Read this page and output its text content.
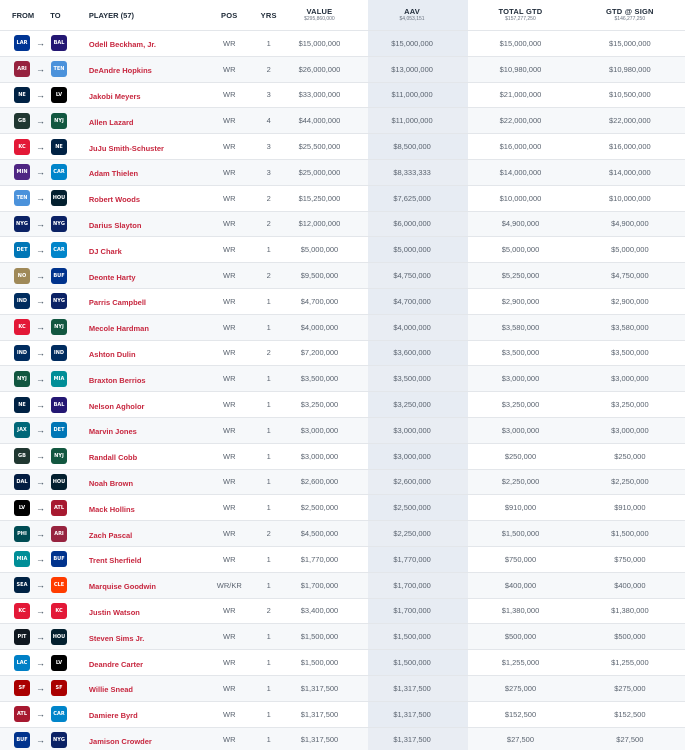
FROM TO	PLAYER (57)	POS	YRS	VALUE
$295,860,000
AAV
$4,053,151
TOTAL GTD
$157,277,250
GTD @ SIGN
$146,277,250
LAR →	BAL	Odell Beckham, Jr.	WR	1	$15,000,000	$15,000,000	$15,000,000	$15,000,000
ARI	→	TEN	DeAndre Hopkins	WR	2	$26,000,000	$13,000,000	$10,980,000	$10,980,000
NE	→	LV	Jakobi Meyers	WR	3	$33,000,000	$11,000,000	$21,000,000	$10,500,000
GB	→	NYJ	Allen Lazard	WR	4	$44,000,000	$11,000,000	$22,000,000	$22,000,000
KC	→	NE	JuJu Smith-Schuster	WR	3	$25,500,000	$8,500,000	$16,000,000	$16,000,000
MIN →	CAR	Adam Thielen	WR	3	$25,000,000	$8,333,333	$14,000,000	$14,000,000
TEN →	HOU	Robert Woods	WR	2	$15,250,000	$7,625,000	$10,000,000	$10,000,000
NYG →	NYG	Darius Slayton	WR	2	$12,000,000	$6,000,000	$4,900,000	$4,900,000
DET →	CAR	DJ Chark	WR	1	$5,000,000	$5,000,000	$5,000,000	$5,000,000
NO	→	BUF	Deonte Harty	WR	2	$9,500,000	$4,750,000	$5,250,000	$4,750,000
IND →	NYG	Parris Campbell	WR	1	$4,700,000	$4,700,000	$2,900,000	$2,900,000
KC	→	NYJ	Mecole Hardman	WR	1	$4,000,000	$4,000,000	$3,580,000	$3,580,000
IND →	IND	Ashton Dulin	WR	2	$7,200,000	$3,600,000	$3,500,000	$3,500,000
NYJ	→	MIA	Braxton Berrios	WR	1	$3,500,000	$3,500,000	$3,000,000	$3,000,000
NE	→	BAL	Nelson Agholor	WR	1	$3,250,000	$3,250,000	$3,250,000	$3,250,000
JAX	→	DET	Marvin Jones	WR	1	$3,000,000	$3,000,000	$3,000,000	$3,000,000
GB	→	NYJ	Randall Cobb	WR	1	$3,000,000	$3,000,000	$250,000	$250,000
DAL →	HOU	Noah Brown	WR	1	$2,600,000	$2,600,000	$2,250,000	$2,250,000
LV	→	ATL	Mack Hollins	WR	1	$2,500,000	$2,500,000	$910,000	$910,000
PHI	→	ARI	Zach Pascal	WR	2	$4,500,000	$2,250,000	$1,500,000	$1,500,000
MIA →	BUF	Trent Sherfield	WR	1	$1,770,000	$1,770,000	$750,000	$750,000
SEA →	CLE	Marquise Goodwin	WR/KR	1	$1,700,000	$1,700,000	$400,000	$400,000
KC	→	KC	Justin Watson	WR	2	$3,400,000	$1,700,000	$1,380,000	$1,380,000
PIT	→	HOU	Steven Sims Jr.	WR	1	$1,500,000	$1,500,000	$500,000	$500,000
LAC →	LV	Deandre Carter	WR	1	$1,500,000	$1,500,000	$1,255,000	$1,255,000
SF	→	SF	Willie Snead	WR	1	$1,317,500	$1,317,500	$275,000	$275,000
ATL →	CAR	Damiere Byrd	WR	1	$1,317,500	$1,317,500	$152,500	$152,500
BUF →	NYG	Jamison Crowder	WR	1	$1,317,500	$1,317,500	$27,500	$27,500
